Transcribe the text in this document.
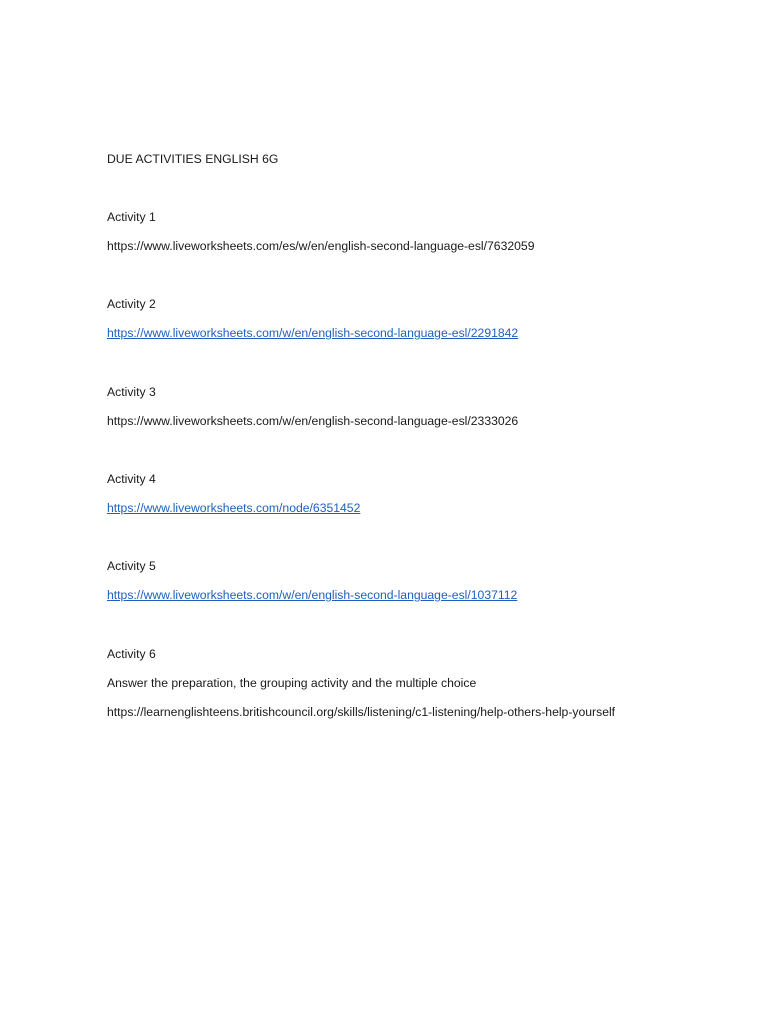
DUE ACTIVITIES ENGLISH 6G
Activity 1
https://www.liveworksheets.com/es/w/en/english-second-language-esl/7632059
Activity 2
https://www.liveworksheets.com/w/en/english-second-language-esl/2291842
Activity 3
https://www.liveworksheets.com/w/en/english-second-language-esl/2333026
Activity 4
https://www.liveworksheets.com/node/6351452
Activity 5
https://www.liveworksheets.com/w/en/english-second-language-esl/1037112
Activity 6
Answer the preparation, the grouping activity and the multiple choice
https://learnenglishteens.britishcouncil.org/skills/listening/c1-listening/help-others-help-yourself
